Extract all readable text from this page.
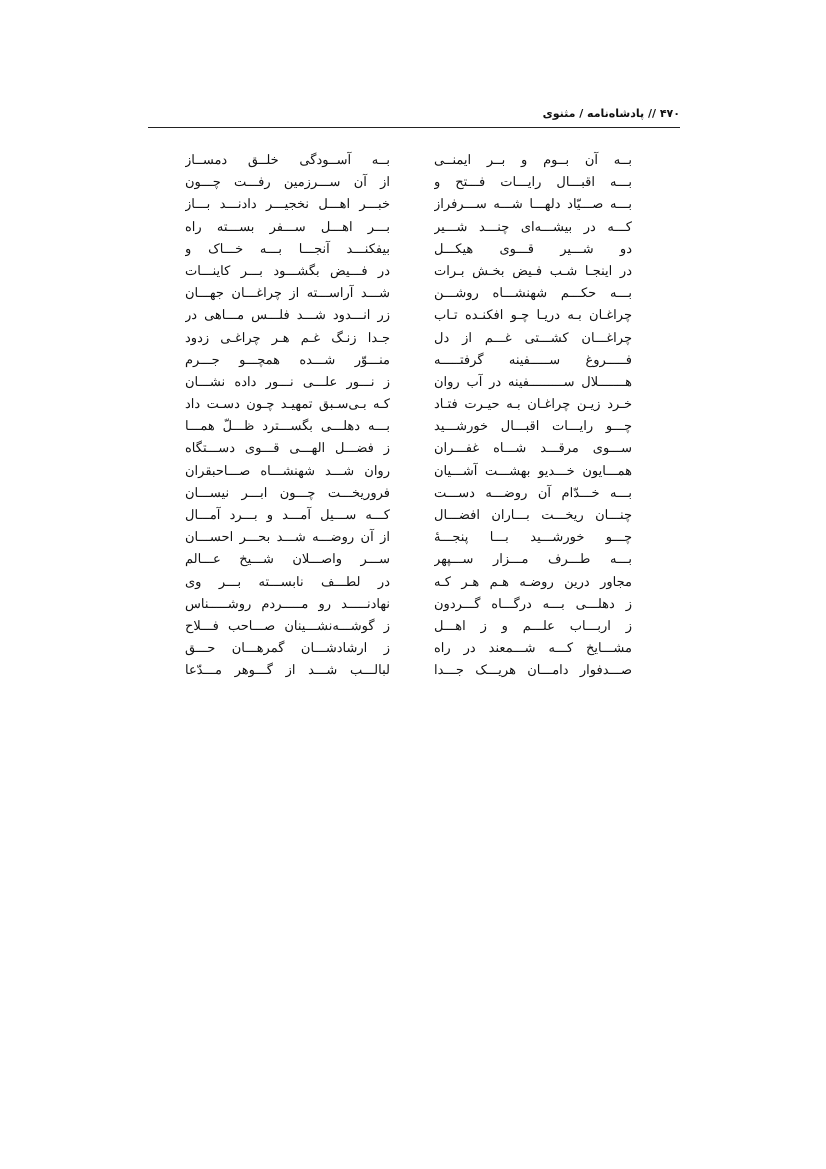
۴۷۰ // پادشاه‌نامه / مثنوی
بــه آن بــوم و بــر ایمنــی
بـــه اقبـــال رایـــات فـــتح و
بـــه صـــیّاد دلهـــا شـــه ســـرفراز
کـــه در بیشـــه‌ای چنـــد شـــیر
دو شـــیر قـــوی هیکـــل
در اینجـا شـب فـیض بخـش بـرات
بـــه حکـــم شهنشـــاه روشـــن
چراغـان بـه دریـا چـو افکنـده تـاب
چراغـــان کشـــتی غـــم از دل
فـــــروغ ســـــفینه گرفتـــــه
هـــــــلال ســـــــــفینه در آب روان
خـرد زیـن چراغـان بـه حیـرت فتـاد
چـــو رایـــات اقبـــال خورشـــید
ســـوی مرقـــد شـــاه غفـــران
همـــایون خـــدیو بهشـــت آشـــیان
بـــه خـــدّام آن روضـــه دســـت
چنـــان ریخـــت بـــاران افضـــال
چـــو خورشـــید بـــا پنجـــهٔ
بـــه طـــرف مـــزار ســـپهر
مجاور درین روضـه هـم هـر کـه
ز دهلـــی بـــه درگـــاه گـــردون
ز اربـــاب علـــم و ز اهـــل
مشـــایخ کـــه شـــمعند در راه
صـــدفوار دامـــان هریـــک جـــدا
بــه آســودگی خلــق دمســاز
از آن ســـرزمین رفـــت چـــون
خبـــر اهـــل نخجیـــر دادنـــد بـــاز
بـــر اهـــل ســـفر بســـته راه
بیفکنـــد آنجـــا بـــه خـــاک و
در فـــیض بگشـــود بـــر کاینـــات
شـــد آراســـته از چراغـــان جهـــان
زر انـــدود شـــد فلـــس مـــاهی در
جـدا زنـگ غـم هـر چراغـی زدود
منـــوّر شـــده همچـــو جـــرم
ز نـــور علـــی نـــور داده نشـــان
کـه بـی‌سـبق تمهیـد چـون دسـت داد
بـــه دهلـــی بگســـترد ظـــلّ همـــا
ز فضـــل الهـــی قـــوی دســـتگاه
روان شـــد شهنشـــاه صـــاحبقران
فروریخـــت چـــون ابـــر نیســـان
کـــه ســـیل آمـــد و بـــرد آمـــال
از آن روضـــه شـــد بحـــر احســـان
ســـر واصـــلان شـــیخ عـــالم
در لطـــف نابســـته بـــر وی
نهادنـــــد رو مـــــردم روشـــــناس
ز گوشـــه‌نشـــینان صـــاحب فـــلاح
ز ارشادشـــان گمرهـــان حـــق
لبالـــب شـــد از گـــوهر مـــدّعا
